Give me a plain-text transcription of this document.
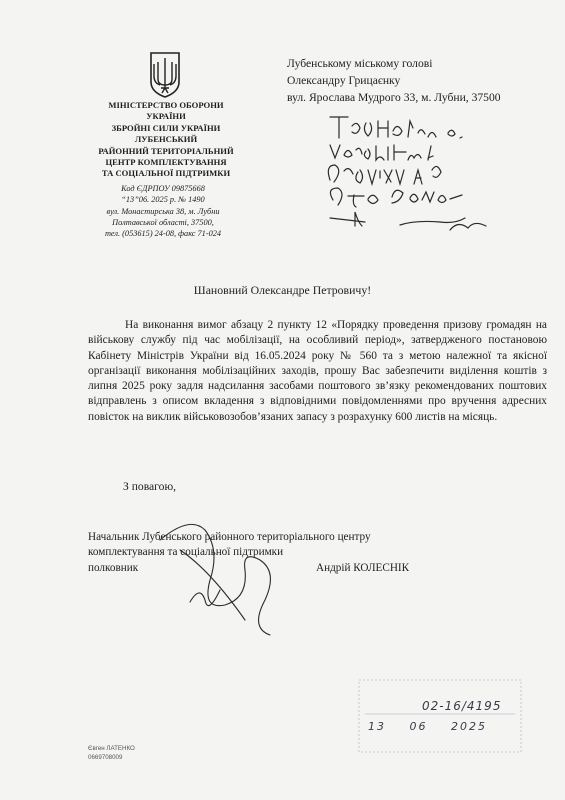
МІНІСТЕРСТВО ОБОРОНИ
УКРАЇНИ
ЗБРОЙНІ СИЛИ УКРАЇНИ
ЛУБЕНСЬКИЙ
РАЙОННИЙ ТЕРИТОРІАЛЬНИЙ
ЦЕНТР КОМПЛЕКТУВАННЯ
ТА СОЦІАЛЬНОЇ ПІДТРИМКИ
Код ЄДРПОУ 09875668
“13”06. 2025 р. № 1490
вул. Монастирська 38, м. Лубни
Полтавської області, 37500,
тел. (053615) 24-08, факс 71-024
Лубенському міському голові
Олександру Грицаєнку
вул. Ярослава Мудрого 33, м. Лубни, 37500
Шановний Олександре Петровичу!

На виконання вимог абзацу 2 пункту 12 «Порядку проведення призову громадян на військову службу під час мобілізації, на особливий період», затвердженого постановою Кабінету Міністрів України від 16.05.2024 року № 560 та з метою належної та якісної організації виконання мобілізаційних заходів, прошу Вас забезпечити виділення коштів з липня 2025 року задля надсилання засобами поштового зв’язку рекомендованих поштових відправлень з описом вкладення з відповідними повідомленнями про вручення адресних повісток на виклик військовозобов’язаних запасу з розрахунку 600 листів на місяць.

З повагою,
Начальник Лубенського районного територіального центру
комплектування та соціальної підтримки
полковник	Андрій КОЛЕСНІК
02-16/4195
13 06 2025
Євген ЛАТЕНКО
0669708009
